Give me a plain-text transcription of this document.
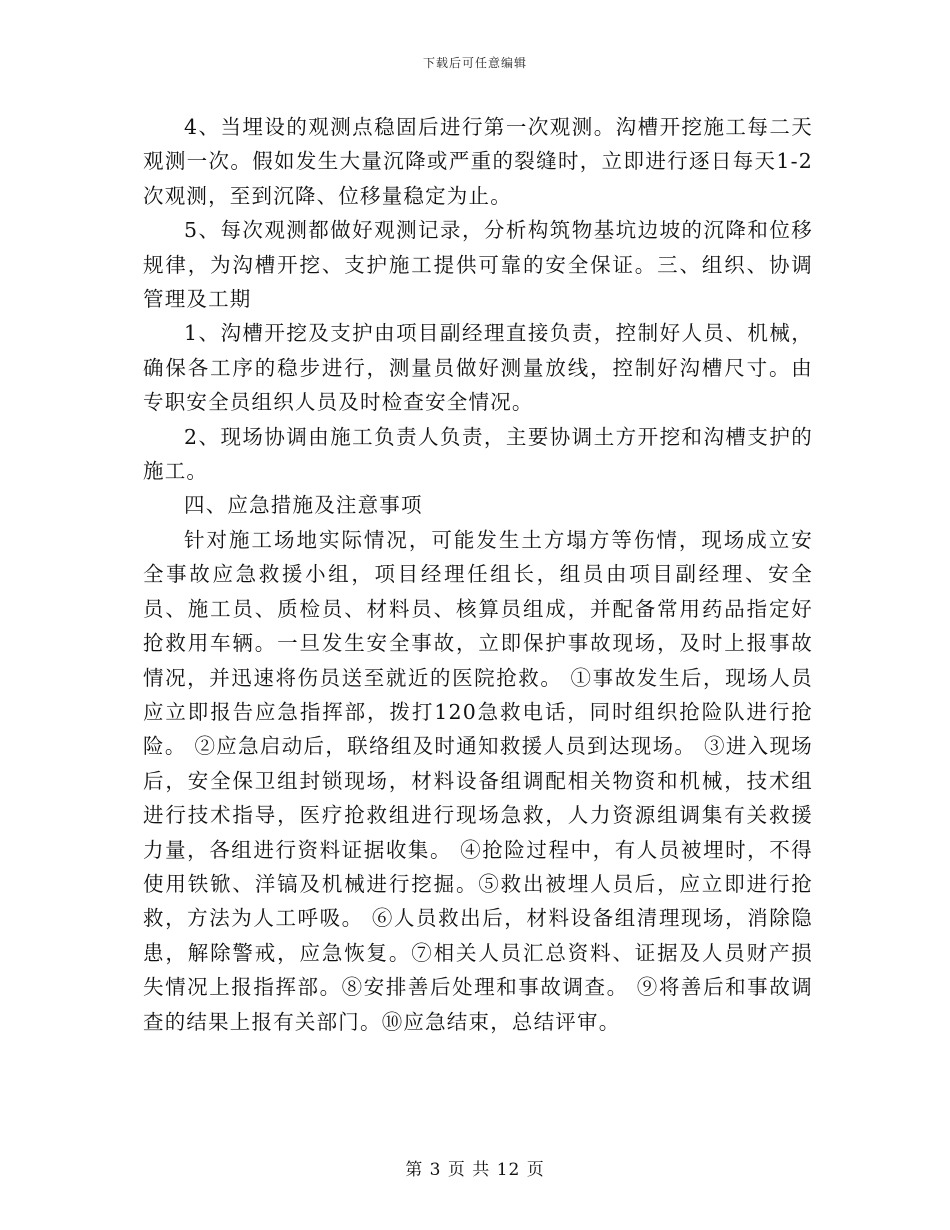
下载后可任意编辑

4、当埋设的观测点稳固后进行第一次观测。沟槽开挖施工每二天观测一次。假如发生大量沉降或严重的裂缝时，立即进行逐日每天1-2次观测，至到沉降、位移量稳定为止。

5、每次观测都做好观测记录，分析构筑物基坑边坡的沉降和位移规律，为沟槽开挖、支护施工提供可靠的安全保证。三、组织、协调管理及工期

1、沟槽开挖及支护由项目副经理直接负责，控制好人员、机械，确保各工序的稳步进行，测量员做好测量放线，控制好沟槽尺寸。由专职安全员组织人员及时检查安全情况。

2、现场协调由施工负责人负责，主要协调土方开挖和沟槽支护的施工。

四、应急措施及注意事项

针对施工场地实际情况，可能发生土方塌方等伤情，现场成立安全事故应急救援小组，项目经理任组长，组员由项目副经理、安全员、施工员、质检员、材料员、核算员组成，并配备常用药品指定好抢救用车辆。一旦发生安全事故，立即保护事故现场，及时上报事故情况，并迅速将伤员送至就近的医院抢救。 ①事故发生后，现场人员应立即报告应急指挥部，拨打120急救电话，同时组织抢险队进行抢险。 ②应急启动后，联络组及时通知救援人员到达现场。 ③进入现场后，安全保卫组封锁现场，材料设备组调配相关物资和机械，技术组进行技术指导，医疗抢救组进行现场急救，人力资源组调集有关救援力量，各组进行资料证据收集。 ④抢险过程中，有人员被埋时，不得使用铁锨、洋镐及机械进行挖掘。⑤救出被埋人员后，应立即进行抢救，方法为人工呼吸。 ⑥人员救出后，材料设备组清理现场，消除隐患，解除警戒，应急恢复。⑦相关人员汇总资料、证据及人员财产损失情况上报指挥部。⑧安排善后处理和事故调查。 ⑨将善后和事故调查的结果上报有关部门。⑩应急结束，总结评审。

第 3 页 共 12 页
